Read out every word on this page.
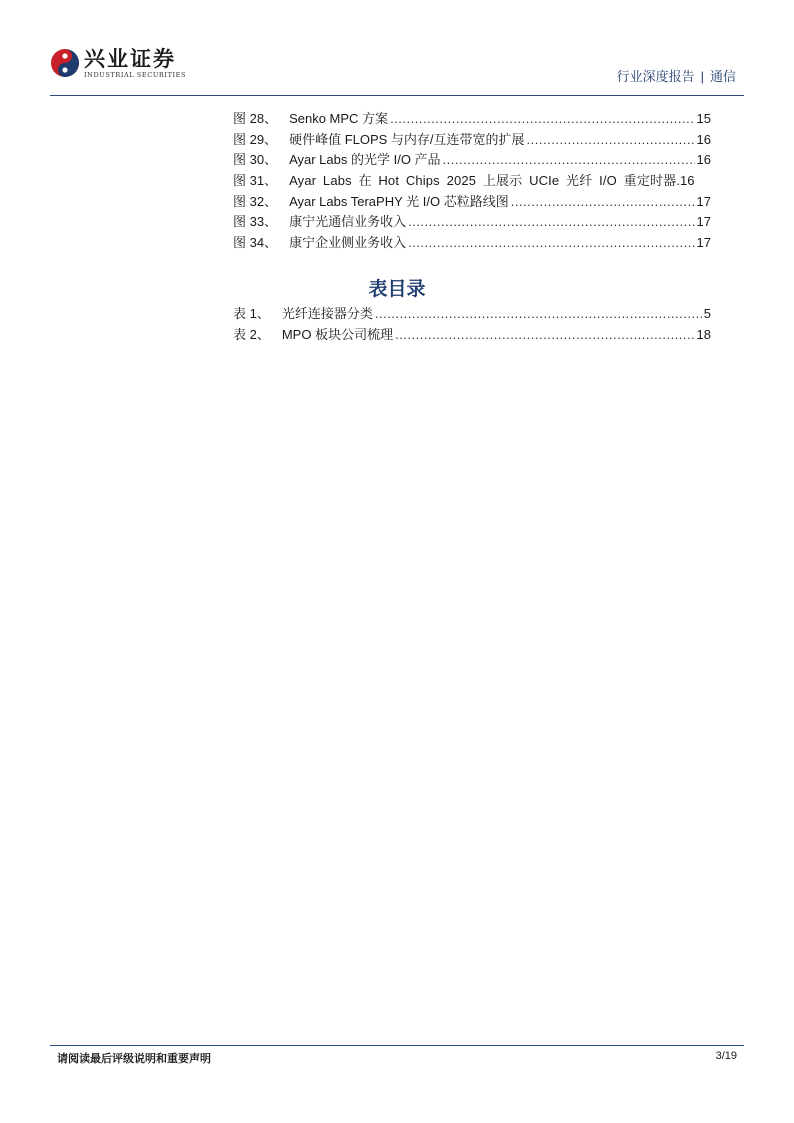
兴业证券
INDUSTRIAL SECURITIES	行业深度报告 | 通信
图 28、 Senko MPC 方案 .....	15
图 29、 硬件峰值 FLOPS 与内存/互连带宽的扩展 .....	16
图 30、 Ayar Labs 的光学 I/O 产品 .....	16
图 31、 Ayar Labs 在 Hot Chips 2025 上展示 UCIe 光纤 I/O 重定时器. 16
图 32、 Ayar Labs TeraPHY 光 I/O 芯粒路线图 .....	17
图 33、 康宁光通信业务收入 .....	17
图 34、 康宁企业侧业务收入 .....	17
表目录
表 1、 光纤连接器分类 .....	5
表 2、 MPO 板块公司梳理 .....	18
请阅读最后评级说明和重要声明	3/19
